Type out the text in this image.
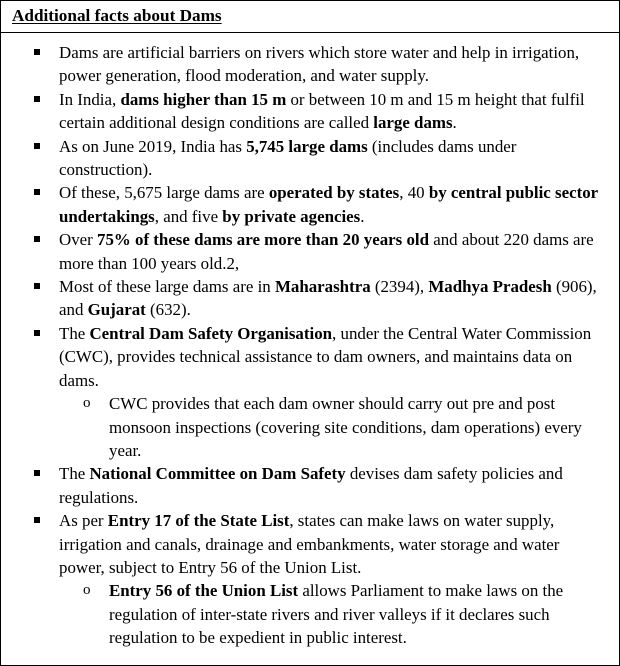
Additional facts about Dams
Dams are artificial barriers on rivers which store water and help in irrigation, power generation, flood moderation, and water supply.
In India, dams higher than 15 m or between 10 m and 15 m height that fulfil certain additional design conditions are called large dams.
As on June 2019, India has 5,745 large dams (includes dams under construction).
Of these, 5,675 large dams are operated by states, 40 by central public sector undertakings, and five by private agencies.
Over 75% of these dams are more than 20 years old and about 220 dams are more than 100 years old.2,
Most of these large dams are in Maharashtra (2394), Madhya Pradesh (906), and Gujarat (632).
The Central Dam Safety Organisation, under the Central Water Commission (CWC), provides technical assistance to dam owners, and maintains data on dams.
o CWC provides that each dam owner should carry out pre and post monsoon inspections (covering site conditions, dam operations) every year.
The National Committee on Dam Safety devises dam safety policies and regulations.
As per Entry 17 of the State List, states can make laws on water supply, irrigation and canals, drainage and embankments, water storage and water power, subject to Entry 56 of the Union List.
o Entry 56 of the Union List allows Parliament to make laws on the regulation of inter-state rivers and river valleys if it declares such regulation to be expedient in public interest.
